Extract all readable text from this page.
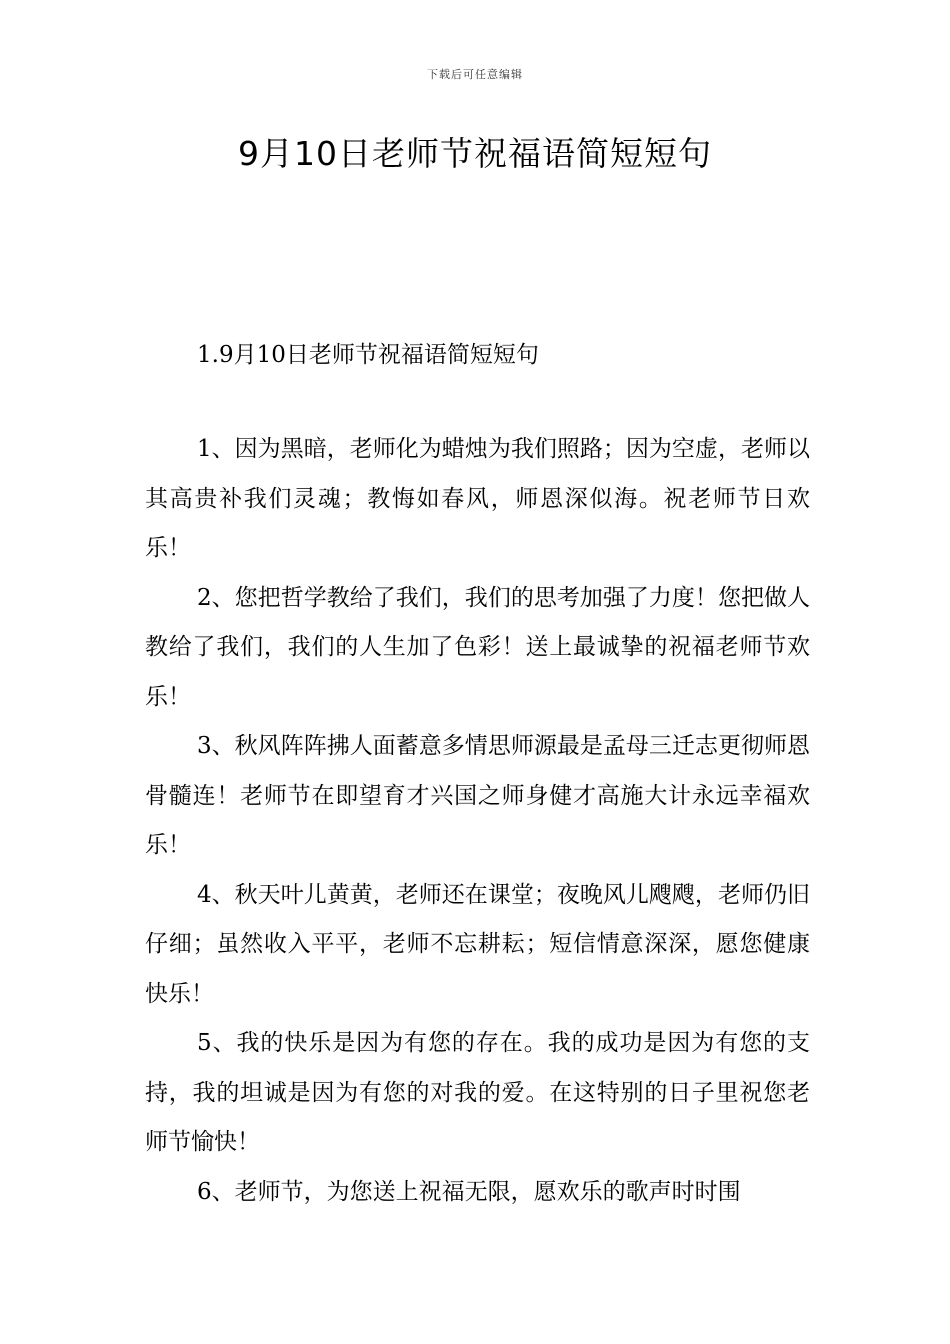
下载后可任意编辑
9月10日老师节祝福语简短短句
1.9月10日老师节祝福语简短短句

1、因为黑暗，老师化为蜡烛为我们照路；因为空虚，老师以其高贵补我们灵魂；教悔如春风，师恩深似海。祝老师节日欢乐！

2、您把哲学教给了我们，我们的思考加强了力度！您把做人教给了我们，我们的人生加了色彩！送上最诚挚的祝福老师节欢乐！

3、秋风阵阵拂人面蓄意多情思师源最是孟母三迁志更彻师恩骨髓连！老师节在即望育才兴国之师身健才高施大计永远幸福欢乐！

4、秋天叶儿黄黄，老师还在课堂；夜晚风儿飕飕，老师仍旧仔细；虽然收入平平，老师不忘耕耘；短信情意深深，愿您健康快乐！

5、我的快乐是因为有您的存在。我的成功是因为有您的支持，我的坦诚是因为有您的对我的爱。在这特别的日子里祝您老师节愉快！

6、老师节，为您送上祝福无限，愿欢乐的歌声时时围
